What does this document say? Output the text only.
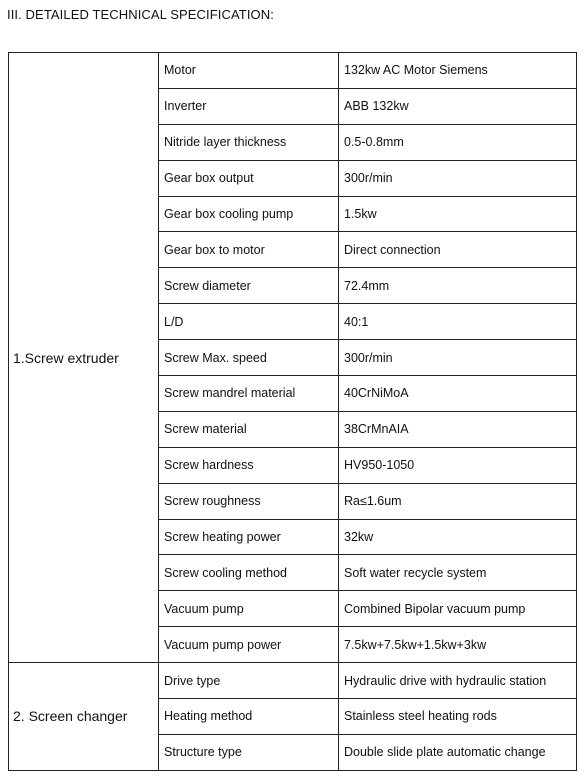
III. DETAILED TECHNICAL SPECIFICATION:
1.Screw extruder	Motor	132kw AC Motor Siemens
	Inverter	ABB 132kw
	Nitride layer thickness	0.5-0.8mm
	Gear box output	300r/min
	Gear box cooling pump	1.5kw
	Gear box to motor	Direct connection
	Screw diameter	72.4mm
	L/D	40:1
	Screw Max. speed	300r/min
	Screw mandrel material	40CrNiMoA
	Screw material	38CrMnAIA
	Screw hardness	HV950-1050
	Screw roughness	Ra≤1.6um
	Screw heating power	32kw
	Screw cooling method	Soft water recycle system
	Vacuum pump	Combined Bipolar vacuum pump
	Vacuum pump power	7.5kw+7.5kw+1.5kw+3kw
2. Screen changer	Drive type	Hydraulic drive with hydraulic station
	Heating method	Stainless steel heating rods
	Structure type	Double slide plate automatic change
